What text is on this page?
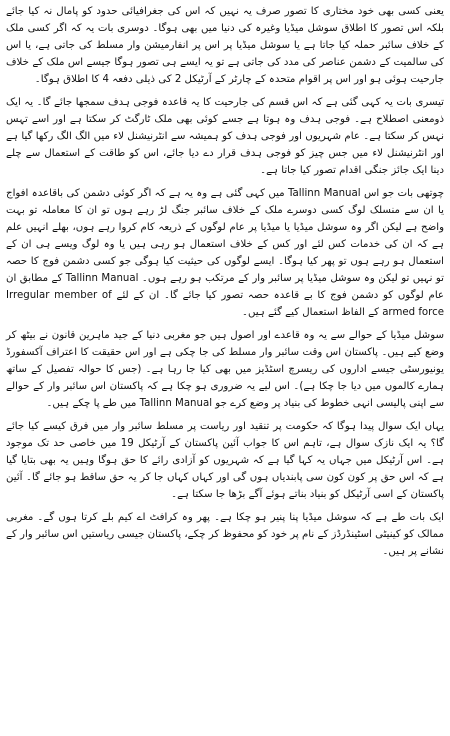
یعنی کسی بھی خود مختاری کا تصور صرف یہ نہیں کہ اس کی جغرافیائی حدود کو پامال نہ کیا جائے بلکہ اس تصور کا اطلاق سوشل میڈیا وغیرہ کی دنیا میں بھی ہوگا۔ دوسری بات یہ کہ اگر کسی ملک کے خلاف سائبر حملہ کیا جاتا ہے یا سوشل میڈیا پر اس پر انفارمیشن وار مسلط کی جاتی ہے، یا اس کی سالمیت کے دشمن عناصر کی مدد کی جاتی ہے تو یہ ایسے ہی تصور ہوگا جیسے اس ملک کے خلاف جارحیت ہوئی ہو اور اس پر اقوام متحدہ کے چارٹر کے آرٹیکل 2 کی ذیلی دفعہ 4 کا اطلاق ہوگا۔

تیسری بات یہ کہی گئی ہے کہ اس قسم کی جارحیت کا یہ قاعدہ فوجی ہدف سمجھا جائے گا۔ یہ ایک ذومعنی اصطلاح ہے۔ فوجی ہدف وہ ہوتا ہے جسے کوئی بھی ملک ٹارگٹ کر سکتا ہے اور اسے تہس نہس کر سکتا ہے۔ عام شہریوں اور فوجی ہدف کو ہمیشہ سے انٹرنیشنل لاء میں الگ الگ رکھا گیا ہے اور انٹرنیشنل لاء میں جس چیز کو فوجی ہدف قرار دے دیا جائے، اس کو طاقت کے استعمال سے چلے دینا ایک جائز جنگی اقدام تصور کیا جاتا ہے۔

چوتھی بات جو اس Tallinn Manual میں کہی گئی ہے وہ یہ ہے کہ اگر کوئی دشمن کی باقاعدہ افواج یا ان سے منسلک لوگ کسی دوسرے ملک کے خلاف سائبر جنگ لڑ رہے ہوں تو ان کا معاملہ تو بہت واضح ہے لیکن اگر وہ سوشل میڈیا یا میڈیا پر عام لوگوں کے ذریعہ کام کروا رہے ہوں، بھلے انہیں علم ہے کہ ان کی خدمات کس لئے اور کس کے خلاف استعمال ہو رہی ہیں یا وہ لوگ ویسے ہی ان کے استعمال ہو رہے ہوں تو پھر کیا ہوگا۔ ایسے لوگوں کی حیثیت کیا ہوگی جو کسی دشمن فوج کا حصہ تو نہیں تو لیکن وہ سوشل میڈیا پر سائبر وار کے مرتکب ہو رہے ہوں۔ Tallinn Manual کے مطابق ان عام لوگوں کو دشمن فوج کا بے قاعدہ حصہ تصور کیا جائے گا۔ ان کے لئے Irregular member of armed force کے الفاظ استعمال کیے گئے ہیں۔

سوشل میڈیا کے حوالے سے یہ وہ قاعدے اور اصول ہیں جو مغربی دنیا کے جید ماہرین قانون نے بیٹھ کر وضع کیے ہیں۔ پاکستان اس وقت سائبر وار مسلط کی جا چکی ہے اور اس حقیقت کا اعتراف آکسفورڈ یونیورسٹی جیسے اداروں کی ریسرچ اسٹڈیز میں بھی کیا جا رہا ہے۔ (جس کا حوالہ تفصیل کے ساتھ ہمارے کالموں میں دیا جا چکا ہے)۔ اس لیے یہ ضروری ہو چکا ہے کہ پاکستان اس سائبر وار کے حوالے سے اپنی پالیسی انہی خطوط کی بنیاد پر وضع کرے جو Tallinn Manual میں طے پا چکے ہیں۔

یہاں ایک سوال پیدا ہوگا کہ حکومت پر تنقید اور ریاست پر مسلط سائبر وار میں فرق کیسے کیا جائے گا؟ یہ ایک نازک سوال ہے، تاہم اس کا جواب آئین پاکستان کے آرٹیکل 19 میں خاصی حد تک موجود ہے۔ اس آرٹیکل میں جہاں یہ کہا گیا ہے کہ شہریوں کو آزادی رائے کا حق ہوگا وہیں یہ بھی بتایا گیا ہے کہ اس حق پر کون کون سی پابندیاں ہوں گی اور کہاں کہاں جا کر یہ حق ساقط ہو جائے گا۔ آئین پاکستان کے اسی آرٹیکل کو بنیاد بناتے ہوئے آگے بڑھا جا سکتا ہے۔

ایک بات طے ہے کہ سوشل میڈیا پنا پنیر ہو چکا ہے۔ پھر وہ کرافٹ اے کیم بلے کرتا ہوں گے۔ مغربی ممالک کو کینیٹی اسٹینڈرڈز کے نام پر خود کو محفوظ کر چکے، پاکستان جیسی ریاستیں اس سائبر وار کے نشانے پر ہیں۔
